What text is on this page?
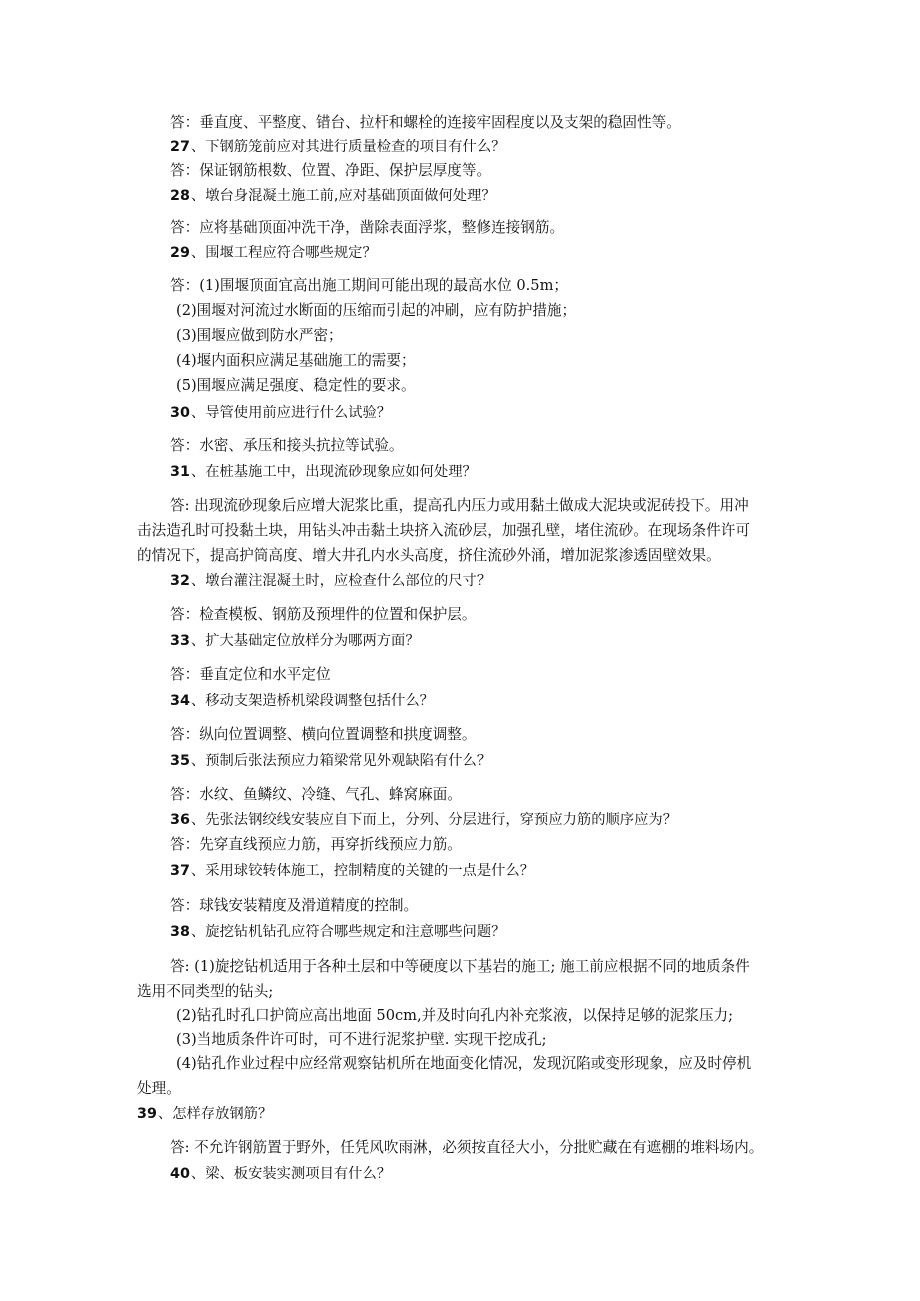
答：垂直度、平整度、错台、拉杆和螺栓的连接牢固程度以及支架的稳固性等。
27、下钢筋笼前应对其进行质量检查的项目有什么？
答：保证钢筋根数、位置、净距、保护层厚度等。
28、墩台身混凝土施工前,应对基础顶面做何处理？
答：应将基础顶面冲洗干净，凿除表面浮浆，整修连接钢筋。
29、围堰工程应符合哪些规定？
答：(1)围堰顶面宜高出施工期间可能出现的最高水位 0.5m；
(2)围堰对河流过水断面的压缩而引起的冲刷，应有防护措施；
(3)围堰应做到防水严密；
(4)堰内面积应满足基础施工的需要；
(5)围堰应满足强度、稳定性的要求。
30、导管使用前应进行什么试验？
答：水密、承压和接头抗拉等试验。
31、在桩基施工中，出现流砂现象应如何处理？
答: 出现流砂现象后应增大泥浆比重，提高孔内压力或用黏土做成大泥块或泥砖投下。用冲
击法造孔时可投黏土块，用钻头冲击黏土块挤入流砂层，加强孔壁，堵住流砂。在现场条件许可
的情况下，提高护筒高度、增大井孔内水头高度，挤住流砂外涌，增加泥浆渗透固壁效果。
32、墩台灌注混凝土时，应检查什么部位的尺寸？
答：检查模板、钢筋及预埋件的位置和保护层。
33、扩大基础定位放样分为哪两方面？
答：垂直定位和水平定位
34、移动支架造桥机梁段调整包括什么？
答：纵向位置调整、横向位置调整和拱度调整。
35、预制后张法预应力箱梁常见外观缺陷有什么？
答：水纹、鱼鳞纹、冷缝、气孔、蜂窝麻面。
36、先张法钢绞线安装应自下而上，分列、分层进行，穿预应力筋的顺序应为？
答：先穿直线预应力筋，再穿折线预应力筋。
37、采用球铰转体施工，控制精度的关键的一点是什么？
答：球钱安装精度及滑道精度的控制。
38、旋挖钻机钻孔应符合哪些规定和注意哪些问题？
答: (1)旋挖钻机适用于各种土层和中等硬度以下基岩的施工; 施工前应根据不同的地质条件
选用不同类型的钻头;
(2)钻孔时孔口护筒应高出地面 50cm,并及时向孔内补充浆液，以保持足够的泥浆压力;
(3)当地质条件许可时，可不进行泥浆护壁. 实现干挖成孔;
(4)钻孔作业过程中应经常观察钻机所在地面变化情况，发现沉陷或变形现象，应及时停机
处理。
39、怎样存放钢筋？
答: 不允许钢筋置于野外，任凭风吹雨淋，必须按直径大小，分批贮藏在有遮棚的堆料场内。
40、梁、板安装实测项目有什么？
